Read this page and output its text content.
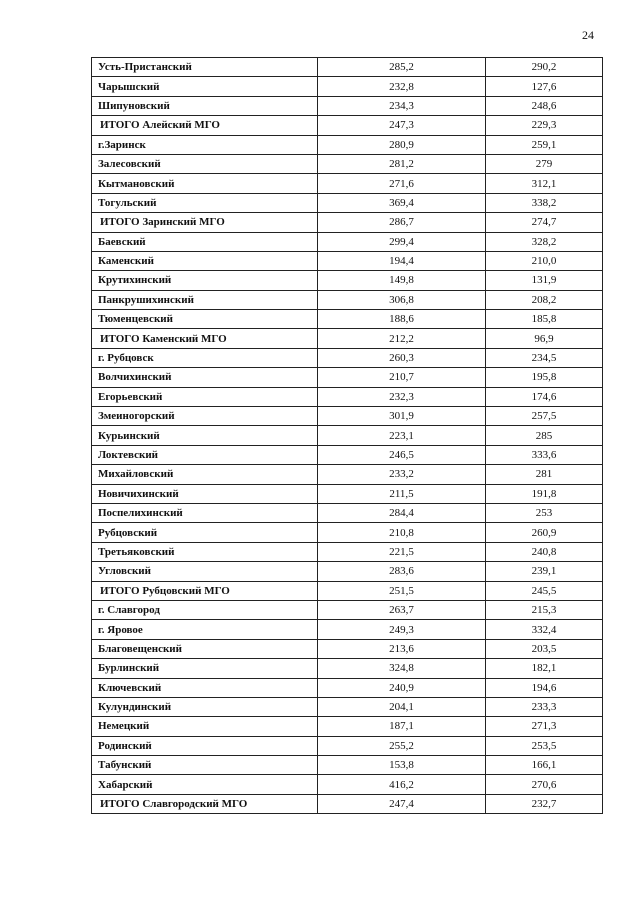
24
Усть-Пристанский	285,2	290,2
Чарышский	232,8	127,6
Шипуновский	234,3	248,6
ИТОГО Алейский МГО	247,3	229,3
г.Заринск	280,9	259,1
Залесовский	281,2	279
Кытмановский	271,6	312,1
Тогульский	369,4	338,2
ИТОГО Заринский МГО	286,7	274,7
Баевский	299,4	328,2
Каменский	194,4	210,0
Крутихинский	149,8	131,9
Панкрушихинский	306,8	208,2
Тюменцевский	188,6	185,8
ИТОГО Каменский МГО	212,2	96,9
г. Рубцовск	260,3	234,5
Волчихинский	210,7	195,8
Егорьевский	232,3	174,6
Змеиногорский	301,9	257,5
Курьинский	223,1	285
Локтевский	246,5	333,6
Михайловский	233,2	281
Новичихинский	211,5	191,8
Поспелихинский	284,4	253
Рубцовский	210,8	260,9
Третьяковский	221,5	240,8
Угловский	283,6	239,1
ИТОГО Рубцовский МГО	251,5	245,5
г. Славгород	263,7	215,3
г. Яровое	249,3	332,4
Благовещенский	213,6	203,5
Бурлинский	324,8	182,1
Ключевский	240,9	194,6
Кулундинский	204,1	233,3
Немецкий	187,1	271,3
Родинский	255,2	253,5
Табунский	153,8	166,1
Хабарский	416,2	270,6
ИТОГО Славгородский МГО	247,4	232,7
